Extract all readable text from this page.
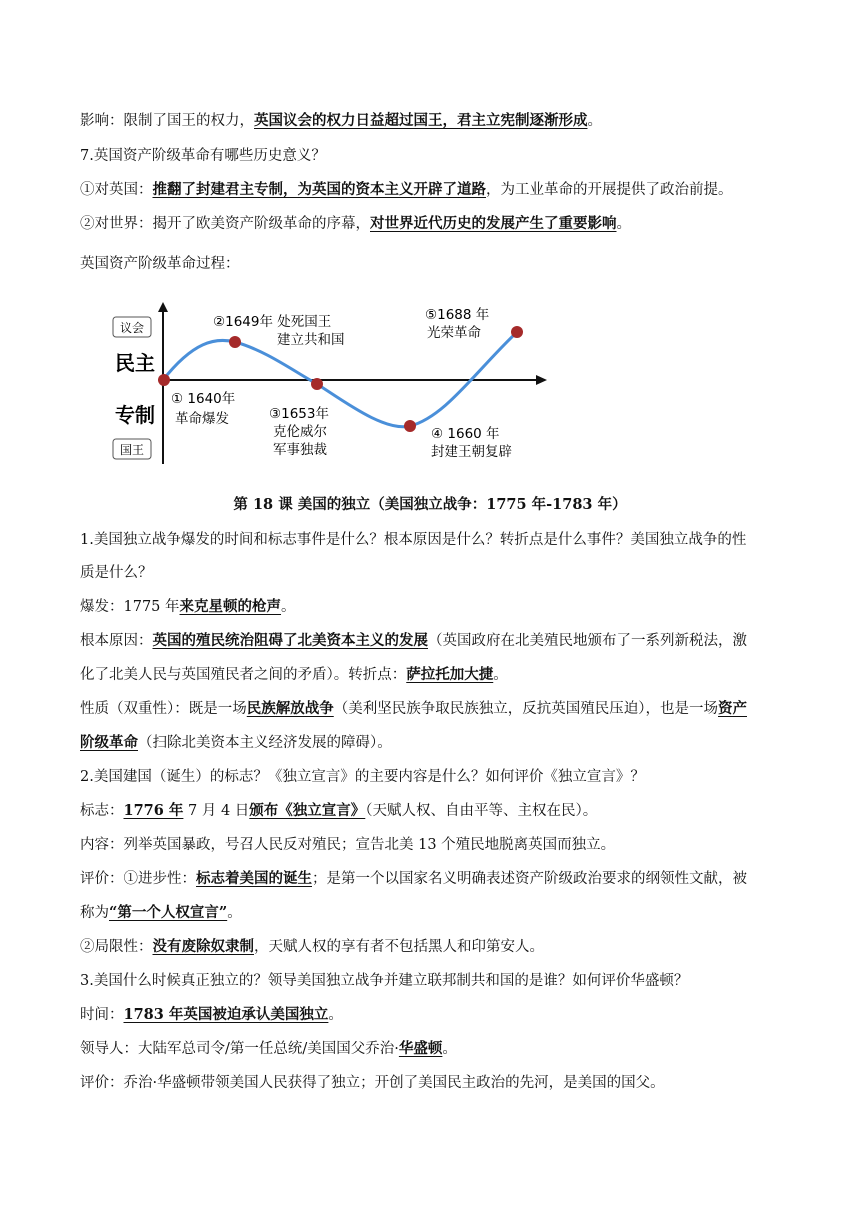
影响：限制了国王的权力，英国议会的权力日益超过国王，君主立宪制逐渐形成。
7.英国资产阶级革命有哪些历史意义？
①对英国：推翻了封建君主专制，为英国的资本主义开辟了道路，为工业革命的开展提供了政治前提。
②对世界：揭开了欧美资产阶级革命的序幕，对世界近代历史的发展产生了重要影响。
英国资产阶级革命过程：
议会
民主
专制
国王
① 1640年
革命爆发
②1649年 处死国王
建立共和国
③1653年
克伦威尔
军事独裁
④ 1660 年
封建王朝复辟
⑤1688 年
光荣革命
第 18 课 美国的独立（美国独立战争：1775 年-1783 年）
1.美国独立战争爆发的时间和标志事件是什么？根本原因是什么？转折点是什么事件？美国独立战争的性
质是什么？
爆发：1775 年来克星顿的枪声。
根本原因：英国的殖民统治阻碍了北美资本主义的发展（英国政府在北美殖民地颁布了一系列新税法，激
化了北美人民与英国殖民者之间的矛盾）。转折点：萨拉托加大捷。
性质（双重性）：既是一场民族解放战争（美利坚民族争取民族独立，反抗英国殖民压迫），也是一场资产
阶级革命（扫除北美资本主义经济发展的障碍）。
2.美国建国（诞生）的标志？《独立宣言》的主要内容是什么？如何评价《独立宣言》？
标志：1776 年 7 月 4 日颁布《独立宣言》（天赋人权、自由平等、主权在民）。
内容：列举英国暴政，号召人民反对殖民；宣告北美 13 个殖民地脱离英国而独立。
评价：①进步性：标志着美国的诞生；是第一个以国家名义明确表述资产阶级政治要求的纲领性文献，被
称为“第一个人权宣言”。
②局限性：没有废除奴隶制，天赋人权的享有者不包括黑人和印第安人。
3.美国什么时候真正独立的？领导美国独立战争并建立联邦制共和国的是谁？如何评价华盛顿？
时间：1783 年英国被迫承认美国独立。
领导人：大陆军总司令/第一任总统/美国国父乔治·华盛顿。
评价：乔治·华盛顿带领美国人民获得了独立；开创了美国民主政治的先河，是美国的国父。
